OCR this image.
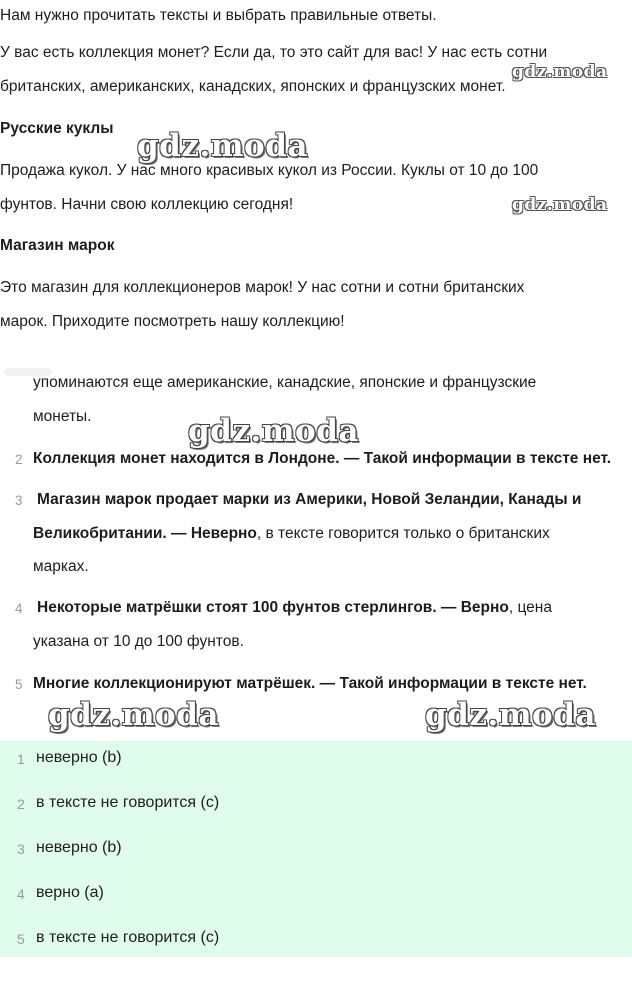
Нам нужно прочитать тексты и выбрать правильные ответы.
У вас есть коллекция монет? Если да, то это сайт для вас! У нас есть сотни
британских, американских, канадских, японских и французских монет.
Русские куклы
Продажа кукол. У нас много красивых кукол из России. Куклы от 10 до 100
фунтов. Начни свою коллекцию сегодня!
Магазин марок
Это магазин для коллекционеров марок! У нас сотни и сотни британских
марок. Приходите посмотреть нашу коллекцию!
упоминаются еще американские, канадские, японские и французские
монеты.
2 Коллекция монет находится в Лондоне. — Такой информации в тексте нет.
3 Магазин марок продает марки из Америки, Новой Зеландии, Канады и
Великобритании. — Неверно, в тексте говорится только о британских
марках.
4 Некоторые матрёшки стоят 100 фунтов стерлингов. — Верно, цена
указана от 10 до 100 фунтов.
5 Многие коллекционируют матрёшек. — Такой информации в тексте нет.
1 неверно (b)
2 в тексте не говорится (c)
3 неверно (b)
4 верно (a)
5 в тексте не говорится (c)
gdz.moda
gdz.moda
gdz.moda
gdz.moda
gdz.moda	gdz.moda
